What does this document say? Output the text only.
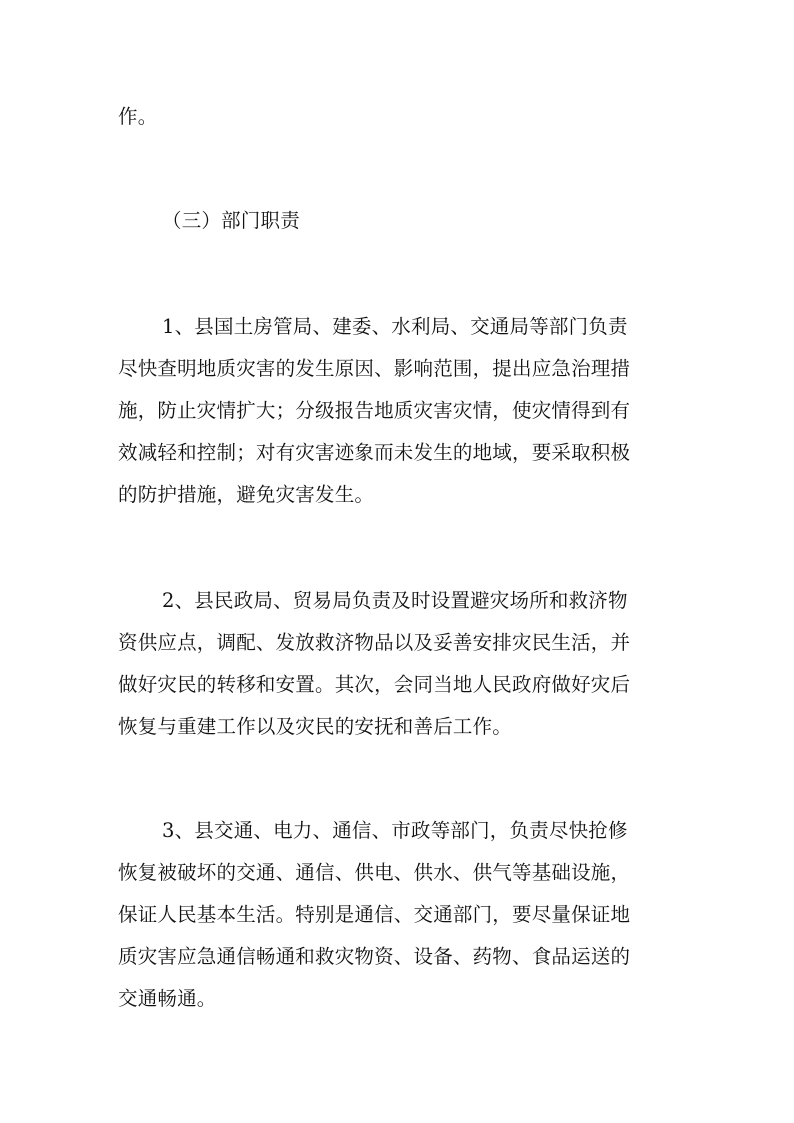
作。

（三）部门职责

1、县国土房管局、建委、水利局、交通局等部门负责

尽快查明地质灾害的发生原因、影响范围，提出应急治理措

施，防止灾情扩大；分级报告地质灾害灾情，使灾情得到有

效减轻和控制；对有灾害迹象而未发生的地域，要采取积极

的防护措施，避免灾害发生。

2、县民政局、贸易局负责及时设置避灾场所和救济物

资供应点，调配、发放救济物品以及妥善安排灾民生活，并

做好灾民的转移和安置。其次，会同当地人民政府做好灾后

恢复与重建工作以及灾民的安抚和善后工作。

3、县交通、电力、通信、市政等部门，负责尽快抢修

恢复被破坏的交通、通信、供电、供水、供气等基础设施，

保证人民基本生活。特别是通信、交通部门，要尽量保证地

质灾害应急通信畅通和救灾物资、设备、药物、食品运送的

交通畅通。
